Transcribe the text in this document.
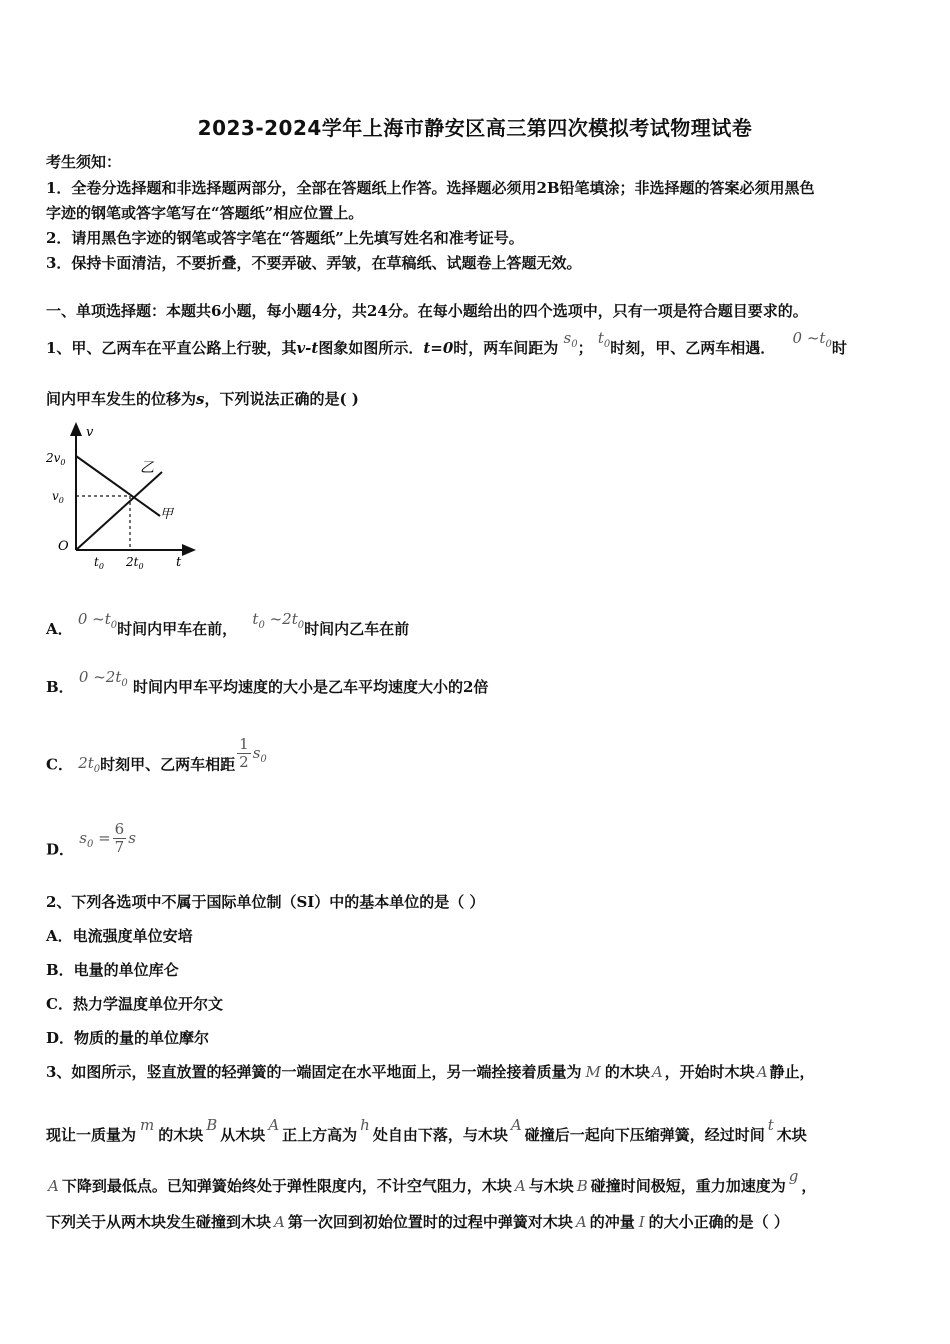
2023-2024学年上海市静安区高三第四次模拟考试物理试卷
考生须知：
1．全卷分选择题和非选择题两部分，全部在答题纸上作答。选择题必须用2B铅笔填涂；非选择题的答案必须用黑色
字迹的钢笔或答字笔写在“答题纸”相应位置上。
2．请用黑色字迹的钢笔或答字笔在“答题纸”上先填写姓名和准考证号。
3．保持卡面清洁，不要折叠，不要弄破、弄皱，在草稿纸、试题卷上答题无效。
一、单项选择题：本题共6小题，每小题4分，共24分。在每小题给出的四个选项中，只有一项是符合题目要求的。
1、甲、乙两车在平直公路上行驶，其v-t图象如图所示．t=0时，两车间距为 $s_0$； $t_0$时刻，甲、乙两车相遇． 0 $\sim t_0$时
间内甲车发生的位移为s，下列说法正确的是( )
v
t
O
$2v_0$
$v_0$
$t_0$ $2t_0$
乙
甲
A． 0 $\sim t_0$时间内甲车在前， $t_0$ $\sim 2t_0$时间内乙车在前
B． 0 $\sim 2t_0$ 时间内甲车平均速度的大小是乙车平均速度大小的2倍
C． $2t_0$时刻甲、乙两车相距 $\frac{1}{2} s_0$
D． $s_0 = \frac{6}{7}$ s
2、下列各选项中不属于国际单位制（SI）中的基本单位的是（ ）
A．电流强度单位安培
B．电量的单位库仑
C．热力学温度单位开尔文
D．物质的量的单位摩尔
3、如图所示，竖直放置的轻弹簧的一端固定在水平地面上，另一端拴接着质量为 M 的木块 A ，开始时木块 A 静止，
现让一质量为m的木块B从木块A正上方高为h处自由下落，与木块A碰撞后一起向下压缩弹簧，经过时间t木块
A 下降到最低点。已知弹簧始终处于弹性限度内，不计空气阻力，木块 A 与木块 B 碰撞时间极短，重力加速度为g，
下列关于从两木块发生碰撞到木块 A 第一次回到初始位置时的过程中弹簧对木块 A 的冲量 I 的大小正确的是（ ）
